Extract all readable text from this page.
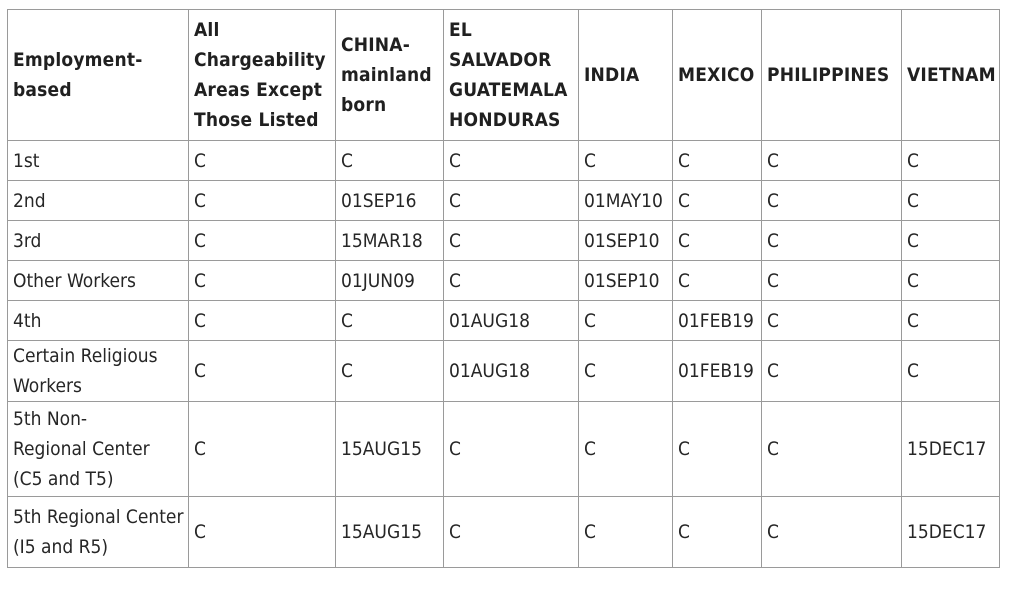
Employment-
based	All
Chargeability
Areas Except
Those Listed	CHINA-
mainland
born	EL
SALVADOR
GUATEMALA
HONDURAS	INDIA	MEXICO	PHILIPPINES	VIETNAM
1st	C	C	C	C	C	C	C
2nd	C	01SEP16	C	01MAY10	C	C	C
3rd	C	15MAR18	C	01SEP10	C	C	C
Other Workers	C	01JUN09	C	01SEP10	C	C	C
4th	C	C	01AUG18	C	01FEB19	C	C
Certain Religious
Workers	C	C	01AUG18	C	01FEB19	C	C
5th Non-
Regional Center
(C5 and T5)	C	15AUG15	C	C	C	C	15DEC17
5th Regional Center
(I5 and R5)	C	15AUG15	C	C	C	C	15DEC17
